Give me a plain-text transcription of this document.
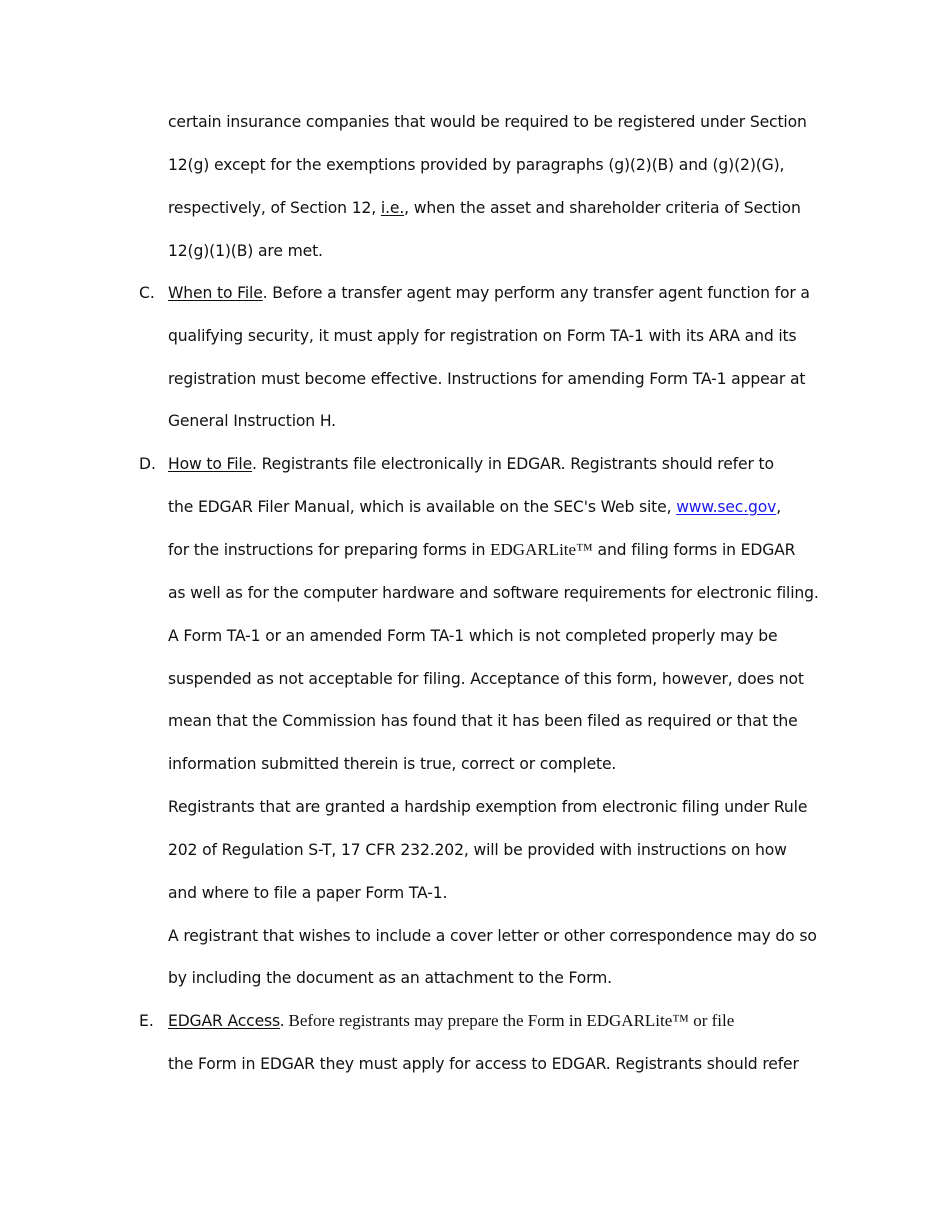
certain insurance companies that would be required to be registered under Section
12(g) except for the exemptions provided by paragraphs (g)(2)(B) and (g)(2)(G),
respectively, of Section 12, i.e., when the asset and shareholder criteria of Section
12(g)(1)(B) are met.
C. When to File. Before a transfer agent may perform any transfer agent function for a
qualifying security, it must apply for registration on Form TA-1 with its ARA and its
registration must become effective. Instructions for amending Form TA-1 appear at
General Instruction H.
D. How to File. Registrants file electronically in EDGAR. Registrants should refer to
the EDGAR Filer Manual, which is available on the SEC's Web site, www.sec.gov,
for the instructions for preparing forms in EDGARLite™ and filing forms in EDGAR
as well as for the computer hardware and software requirements for electronic filing.
A Form TA-1 or an amended Form TA-1 which is not completed properly may be
suspended as not acceptable for filing. Acceptance of this form, however, does not
mean that the Commission has found that it has been filed as required or that the
information submitted therein is true, correct or complete.
Registrants that are granted a hardship exemption from electronic filing under Rule
202 of Regulation S-T, 17 CFR 232.202, will be provided with instructions on how
and where to file a paper Form TA-1.
A registrant that wishes to include a cover letter or other correspondence may do so
by including the document as an attachment to the Form.
E. EDGAR Access. Before registrants may prepare the Form in EDGARLite™ or file
the Form in EDGAR they must apply for access to EDGAR. Registrants should refer
